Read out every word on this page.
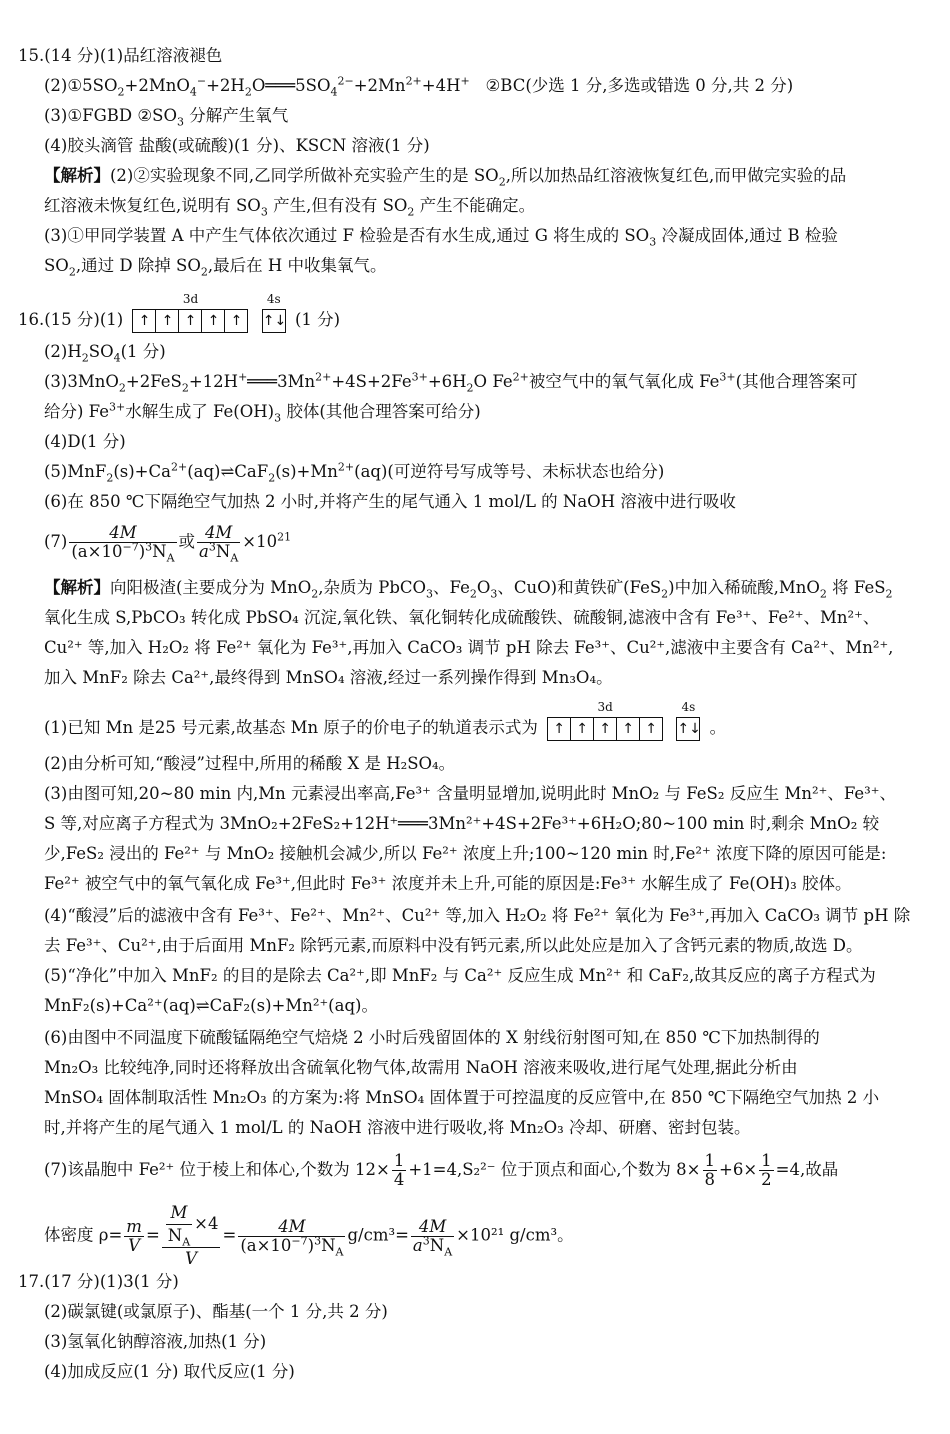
15.(14 分)(1)品红溶液褪色
$(2)①5SO_2+2MnO_4^-+2H_2O═══5SO_4^{2-}+2Mn^{2+}+4H^+$ ②BC(少选 1 分,多选或错选 0 分,共 2 分)
(3)①FGBD $②SO_3$ 分解产生氧气
(4)胶头滴管 盐酸(或硫酸)(1 分)、KSCN 溶液(1 分)
【解析】(2)②实验现象不同,乙同学所做补充实验产生的是 $SO_2$,所以加热品红溶液恢复红色,而甲做完实验的品
红溶液未恢复红色,说明有 $SO_3$ 产生,但有没有 $SO_2$ 产生不能确定。
(3)①甲同学装置 A 中产生气体依次通过 F 检验是否有水生成,通过 G 将生成的 $SO_3$ 冷凝成固体,通过 B 检验
$SO_2$,通过 D 除掉 $SO_2$,最后在 H 中收集氧气。
16.(15 分)(1)
3d
↑ ↑ ↑ ↑ ↑

4s
↑↓ (1 分)
$(2)H_2SO_4(1$ 分)
$(3)3MnO_2+2FeS_2+12H^+═══3Mn^{2+}+4S+2Fe^{3+}+6H_2O$ $Fe^{2+}$被空气中的氧气氧化成 $Fe^{3+}$(其他合理答案可
给分) $Fe^{3+}$水解生成了 $Fe(OH)_3$ 胶体(其他合理答案可给分)
(4)D(1 分)
$(5)MnF_2(s)+Ca^{2+}(aq)\rightleftharpoons CaF_2(s)+Mn^{2+}(aq)$(可逆符号写成等号、未标状态也给分)
(6)在 850 ℃下隔绝空气加热 2 小时,并将产生的尾气通入 1 mol/L 的 NaOH 溶液中进行吸收
$(7) \frac{4M}{(a\times 10^{-7})^3N_A}$ 或 $\frac{4M}{a^3N_A} \times 10^{21}$
【解析】向阳极渣(主要成分为 MnO$_2$,杂质为 PbCO$_3$、$Fe_2O_3$、CuO)和黄铁矿(FeS$_2$)中加入稀硫酸,MnO$_2$ 将 FeS$_2$
氧化生成 S,PbCO₃ 转化成 PbSO₄ 沉淀,氧化铁、氧化铜转化成硫酸铁、硫酸铜,滤液中含有 Fe³⁺、Fe²⁺、Mn²⁺、
Cu²⁺ 等,加入 H₂O₂ 将 Fe²⁺ 氧化为 Fe³⁺,再加入 CaCO₃ 调节 pH 除去 Fe³⁺、Cu²⁺,滤液中主要含有 Ca²⁺、Mn²⁺,
加入 MnF₂ 除去 Ca²⁺,最终得到 MnSO₄ 溶液,经过一系列操作得到 Mn₃O₄。
(1)已知 Mn 是25 号元素,故基态 Mn 原子的价电子的轨道表示式为
3d
↑ ↑ ↑ ↑ ↑

4s
↑↓ 。
(2)由分析可知,“酸浸”过程中,所用的稀酸 X 是 H₂SO₄。
(3)由图可知,20~80 min 内,Mn 元素浸出率高,Fe³⁺ 含量明显增加,说明此时 MnO₂ 与 FeS₂ 反应生 Mn²⁺、Fe³⁺、
S 等,对应离子方程式为 3MnO₂+2FeS₂+12H⁺═══3Mn²⁺+4S+2Fe³⁺+6H₂O;80~100 min 时,剩余 MnO₂ 较
少,FeS₂ 浸出的 Fe²⁺ 与 MnO₂ 接触机会减少,所以 Fe²⁺ 浓度上升;100~120 min 时,Fe²⁺ 浓度下降的原因可能是:
Fe²⁺ 被空气中的氧气氧化成 Fe³⁺,但此时 Fe³⁺ 浓度并未上升,可能的原因是:Fe³⁺ 水解生成了 Fe(OH)₃ 胶体。
(4)“酸浸”后的滤液中含有 Fe³⁺、Fe²⁺、Mn²⁺、Cu²⁺ 等,加入 H₂O₂ 将 Fe²⁺ 氧化为 Fe³⁺,再加入 CaCO₃ 调节 pH 除
去 Fe³⁺、Cu²⁺,由于后面用 MnF₂ 除钙元素,而原料中没有钙元素,所以此处应是加入了含钙元素的物质,故选 D。
(5)“净化”中加入 MnF₂ 的目的是除去 Ca²⁺,即 MnF₂ 与 Ca²⁺ 反应生成 Mn²⁺ 和 CaF₂,故其反应的离子方程式为
MnF₂(s)+Ca²⁺(aq)⇌CaF₂(s)+Mn²⁺(aq)。
(6)由图中不同温度下硫酸锰隔绝空气焙烧 2 小时后残留固体的 X 射线衍射图可知,在 850 ℃下加热制得的
Mn₂O₃ 比较纯净,同时还将释放出含硫氧化物气体,故需用 NaOH 溶液来吸收,进行尾气处理,据此分析由
MnSO₄ 固体制取活性 Mn₂O₃ 的方案为:将 MnSO₄ 固体置于可控温度的反应管中,在 850 ℃下隔绝空气加热 2 小
时,并将产生的尾气通入 1 mol/L 的 NaOH 溶液中进行吸收,将 Mn₂O₃ 冷却、研磨、密封包装。
(7)该晶胞中 Fe²⁺ 位于棱上和体心,个数为 $12\times \frac{1}{4} +1=4,S_2^{2-}$ 位于顶点和面心,个数为 $8\times \frac{1}{8} +6\times \frac{1}{2} =4$,故晶
体密度 $\rho= \frac{m}{V} = \frac{\frac{M}{N_A} \times 4}{V} = \frac{4M}{(a\times 10^{-7})^3N_A} g/cm^3= \frac{4M}{a^3N_A} \times 10^{21}$ g/cm³。
17.(17 分)(1)3(1 分)
(2)碳氯键(或氯原子)、酯基(一个 1 分,共 2 分)
(3)氢氧化钠醇溶液,加热(1 分)
(4)加成反应(1 分) 取代反应(1 分)
